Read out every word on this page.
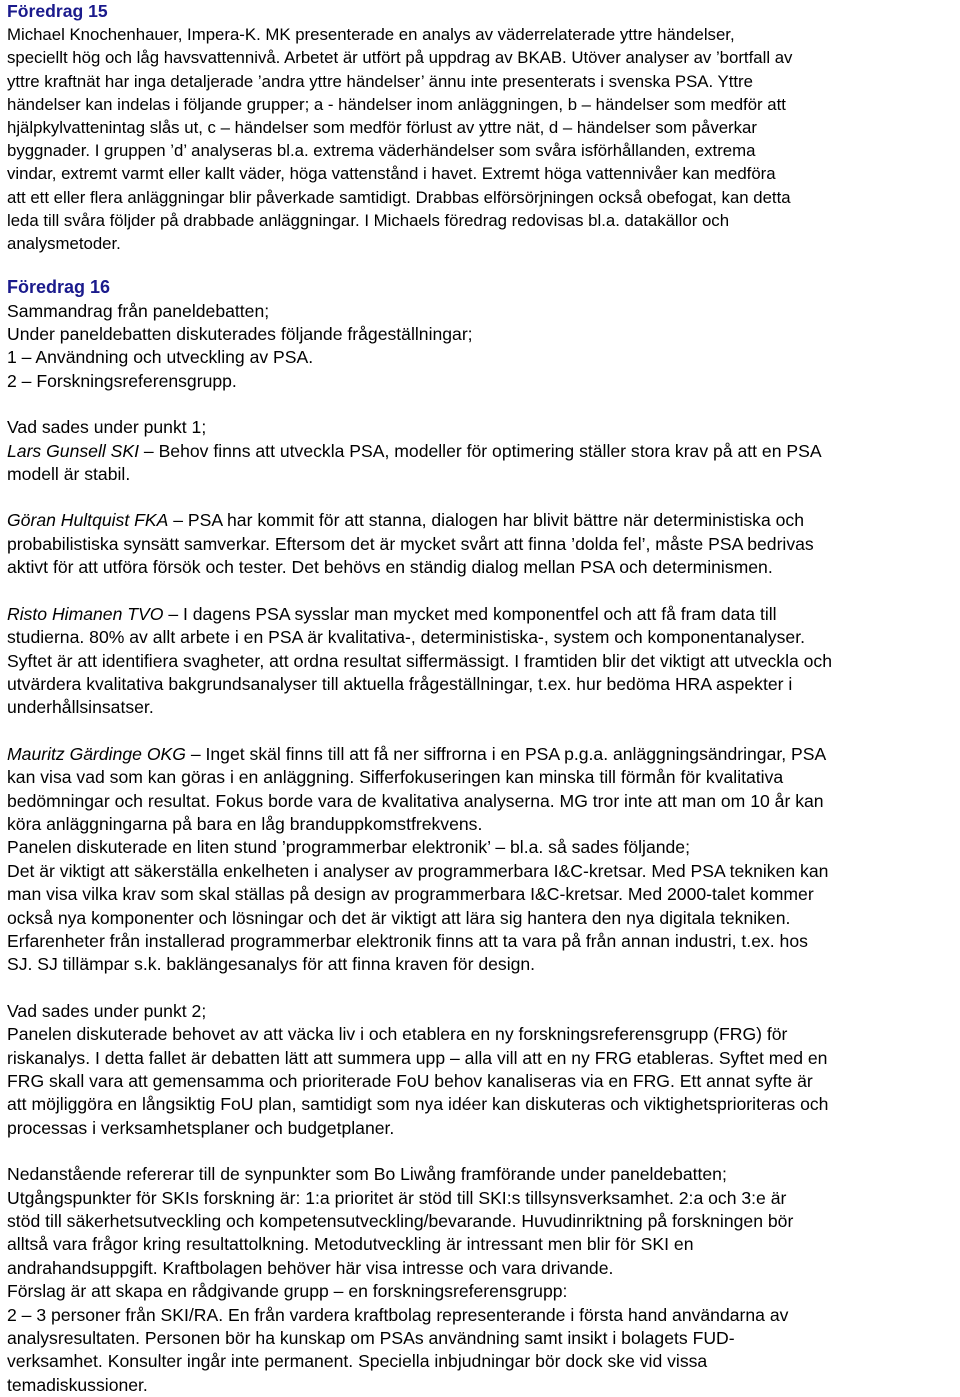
Föredrag 15

Michael Knochenhauer, Impera-K. MK presenterade en analys av väderrelaterade yttre händelser,

speciellt hög och låg havsvattennivå. Arbetet är utfört på uppdrag av BKAB. Utöver analyser av ’bortfall av

yttre kraftnät har inga detaljerade ’andra yttre händelser’ ännu inte presenterats i svenska PSA. Yttre

händelser kan indelas i följande grupper; a - händelser inom anläggningen, b – händelser som medför att

hjälpkylvattenintag slås ut, c – händelser som medför förlust av yttre nät, d – händelser som påverkar

byggnader. I gruppen ’d’ analyseras bl.a. extrema väderhändelser som svåra isförhållanden, extrema

vindar, extremt varmt eller kallt väder, höga vattenstånd i havet. Extremt höga vattennivåer kan medföra

att ett eller flera anläggningar blir påverkade samtidigt. Drabbas elförsörjningen också obefogat, kan detta

leda till svåra följder på drabbade anläggningar. I Michaels föredrag redovisas bl.a. datakällor och

analysmetoder.

Föredrag 16

Sammandrag från paneldebatten;

Under paneldebatten diskuterades följande frågeställningar;

1 – Användning och utveckling av PSA.

2 – Forskningsreferensgrupp.

Vad sades under punkt 1;

Lars Gunsell SKI – Behov finns att utveckla PSA, modeller för optimering ställer stora krav på att en PSA

modell är stabil.

Göran Hultquist FKA – PSA har kommit för att stanna, dialogen har blivit bättre när deterministiska och

probabilistiska synsätt samverkar. Eftersom det är mycket svårt att finna ’dolda fel’, måste PSA bedrivas

aktivt för att utföra försök och tester. Det behövs en ständig dialog mellan PSA och determinismen.

Risto Himanen TVO – I dagens PSA sysslar man mycket med komponentfel och att få fram data till

studierna. 80% av allt arbete i en PSA är kvalitativa-, deterministiska-, system och komponentanalyser.

Syftet är att identifiera svagheter, att ordna resultat siffermässigt. I framtiden blir det viktigt att utveckla och

utvärdera kvalitativa bakgrundsanalyser till aktuella frågeställningar, t.ex. hur bedöma HRA aspekter i

underhållsinsatser.

Mauritz Gärdinge OKG – Inget skäl finns till att få ner siffrorna i en PSA p.g.a. anläggningsändringar, PSA

kan visa vad som kan göras i en anläggning. Sifferfokuseringen kan minska till förmån för kvalitativa

bedömningar och resultat. Fokus borde vara de kvalitativa analyserna. MG tror inte att man om 10 år kan

köra anläggningarna på bara en låg branduppkomstfrekvens.

Panelen diskuterade en liten stund ’programmerbar elektronik’ – bl.a. så sades följande;

Det är viktigt att säkerställa enkelheten i analyser av programmerbara I&C-kretsar. Med PSA tekniken kan

man visa vilka krav som skal ställas på design av programmerbara I&C-kretsar. Med 2000-talet kommer

också nya komponenter och lösningar och det är viktigt att lära sig hantera den nya digitala tekniken.

Erfarenheter från installerad programmerbar elektronik finns att ta vara på från annan industri, t.ex. hos

SJ. SJ tillämpar s.k. baklängesanalys för att finna kraven för design.

Vad sades under punkt 2;

Panelen diskuterade behovet av att väcka liv i och etablera en ny forskningsreferensgrupp (FRG) för

riskanalys. I detta fallet är debatten lätt att summera upp – alla vill att en ny FRG etableras. Syftet med en

FRG skall vara att gemensamma och prioriterade FoU behov kanaliseras via en FRG. Ett annat syfte är

att möjliggöra en långsiktig FoU plan, samtidigt som nya idéer kan diskuteras och viktighetsprioriteras och

processas i verksamhetsplaner och budgetplaner.

Nedanstående refererar till de synpunkter som Bo Liwång framförande under paneldebatten;

Utgångspunkter för SKIs forskning är: 1:a prioritet är stöd till SKI:s tillsynsverksamhet. 2:a och 3:e är

stöd till säkerhetsutveckling och kompetensutveckling/bevarande. Huvudinriktning på forskningen bör

alltså vara frågor kring resultattolkning. Metodutveckling är intressant men blir för SKI en

andrahandsuppgift. Kraftbolagen behöver här visa intresse och vara drivande.

Förslag är att skapa en rådgivande grupp – en forskningsreferensgrupp:

2 – 3 personer från SKI/RA. En från vardera kraftbolag representerande i första hand användarna av

analysresultaten. Personen bör ha kunskap om PSAs användning samt insikt i bolagets FUD-

verksamhet. Konsulter ingår inte permanent. Speciella inbjudningar bör dock ske vid vissa

temadiskussioner.
